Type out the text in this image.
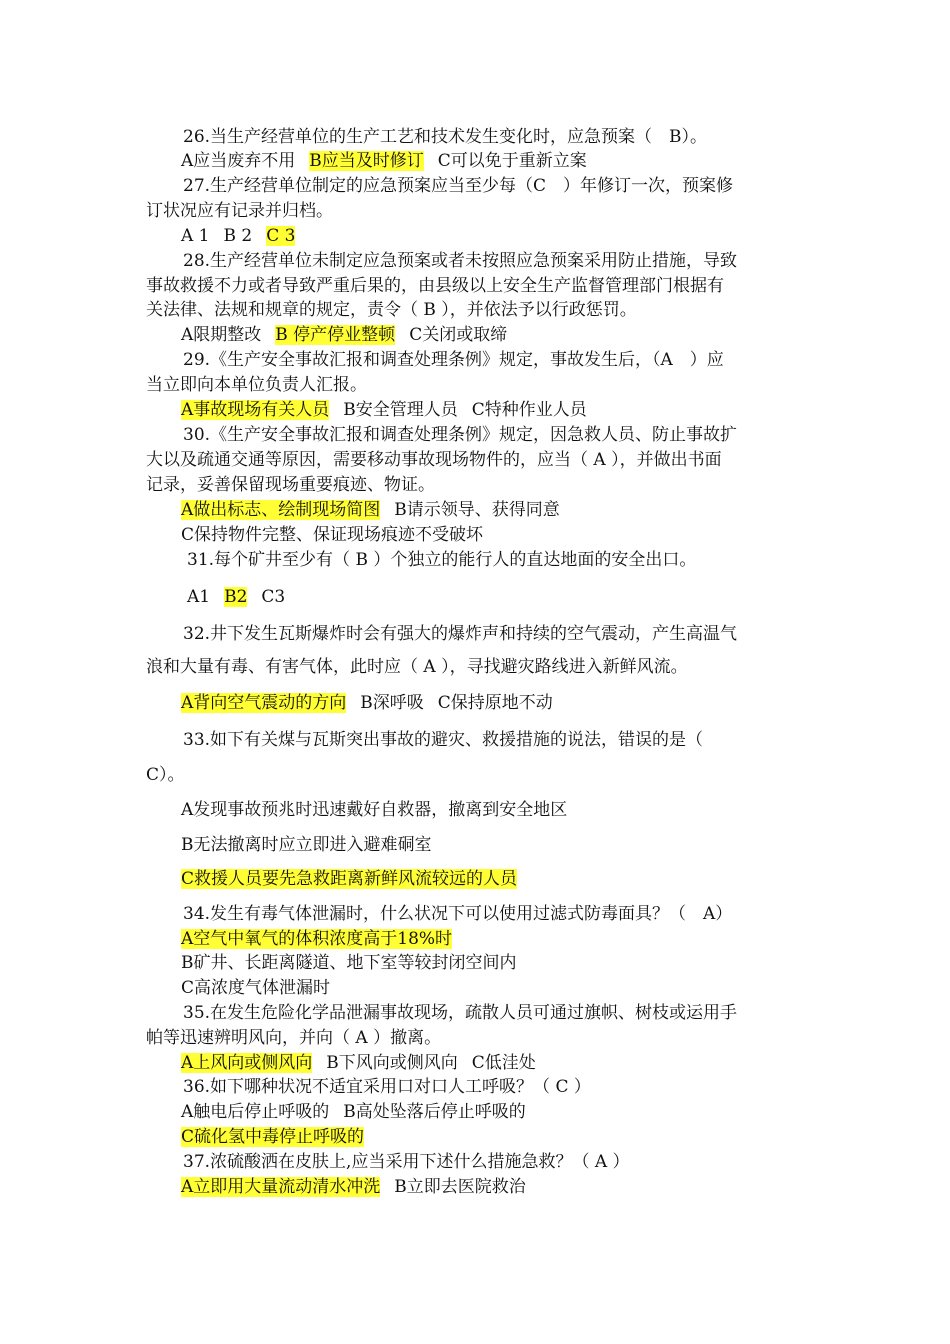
26.当生产经营单位的生产工艺和技术发生变化时，应急预案（　B）。
A应当废弃不用 B应当及时修订 C可以免于重新立案
27.生产经营单位制定的应急预案应当至少每（C　）年修订一次，预案修
订状况应有记录并归档。
A 1 B 2 C 3
28.生产经营单位未制定应急预案或者未按照应急预案采用防止措施，导致
事故救援不力或者导致严重后果的，由县级以上安全生产监督管理部门根据有
关法律、法规和规章的规定，责令（ B ），并依法予以行政惩罚。
A限期整改 B 停产停业整顿 C关闭或取缔
29.《生产安全事故汇报和调查处理条例》规定，事故发生后，（A　）应
当立即向本单位负责人汇报。
A事故现场有关人员 B安全管理人员 C特种作业人员
30.《生产安全事故汇报和调查处理条例》规定，因急救人员、防止事故扩
大以及疏通交通等原因，需要移动事故现场物件的，应当（ A ），并做出书面
记录，妥善保留现场重要痕迹、物证。
A做出标志、绘制现场简图 B请示领导、获得同意
C保持物件完整、保证现场痕迹不受破坏
31.每个矿井至少有（ B ）个独立的能行人的直达地面的安全出口。
A1 B2 C3
32.井下发生瓦斯爆炸时会有强大的爆炸声和持续的空气震动，产生高温气
浪和大量有毒、有害气体，此时应（ A ），寻找避灾路线进入新鲜风流。
A背向空气震动的方向 B深呼吸 C保持原地不动
33.如下有关煤与瓦斯突出事故的避灾、救援措施的说法，错误的是（
C）。
A发现事故预兆时迅速戴好自救器，撤离到安全地区
B无法撤离时应立即进入避难硐室
C救援人员要先急救距离新鲜风流较远的人员
34.发生有毒气体泄漏时，什么状况下可以使用过滤式防毒面具？（　A）
A空气中氧气的体积浓度高于18%时
B矿井、长距离隧道、地下室等较封闭空间内
C高浓度气体泄漏时
35.在发生危险化学品泄漏事故现场，疏散人员可通过旗帜、树枝或运用手
帕等迅速辨明风向，并向（ A ）撤离。
A上风向或侧风向 B下风向或侧风向 C低洼处
36.如下哪种状况不适宜采用口对口人工呼吸？（ C ）
A触电后停止呼吸的 B高处坠落后停止呼吸的
C硫化氢中毒停止呼吸的
37.浓硫酸洒在皮肤上,应当采用下述什么措施急救？（ A ）
A立即用大量流动清水冲洗 B立即去医院救治
